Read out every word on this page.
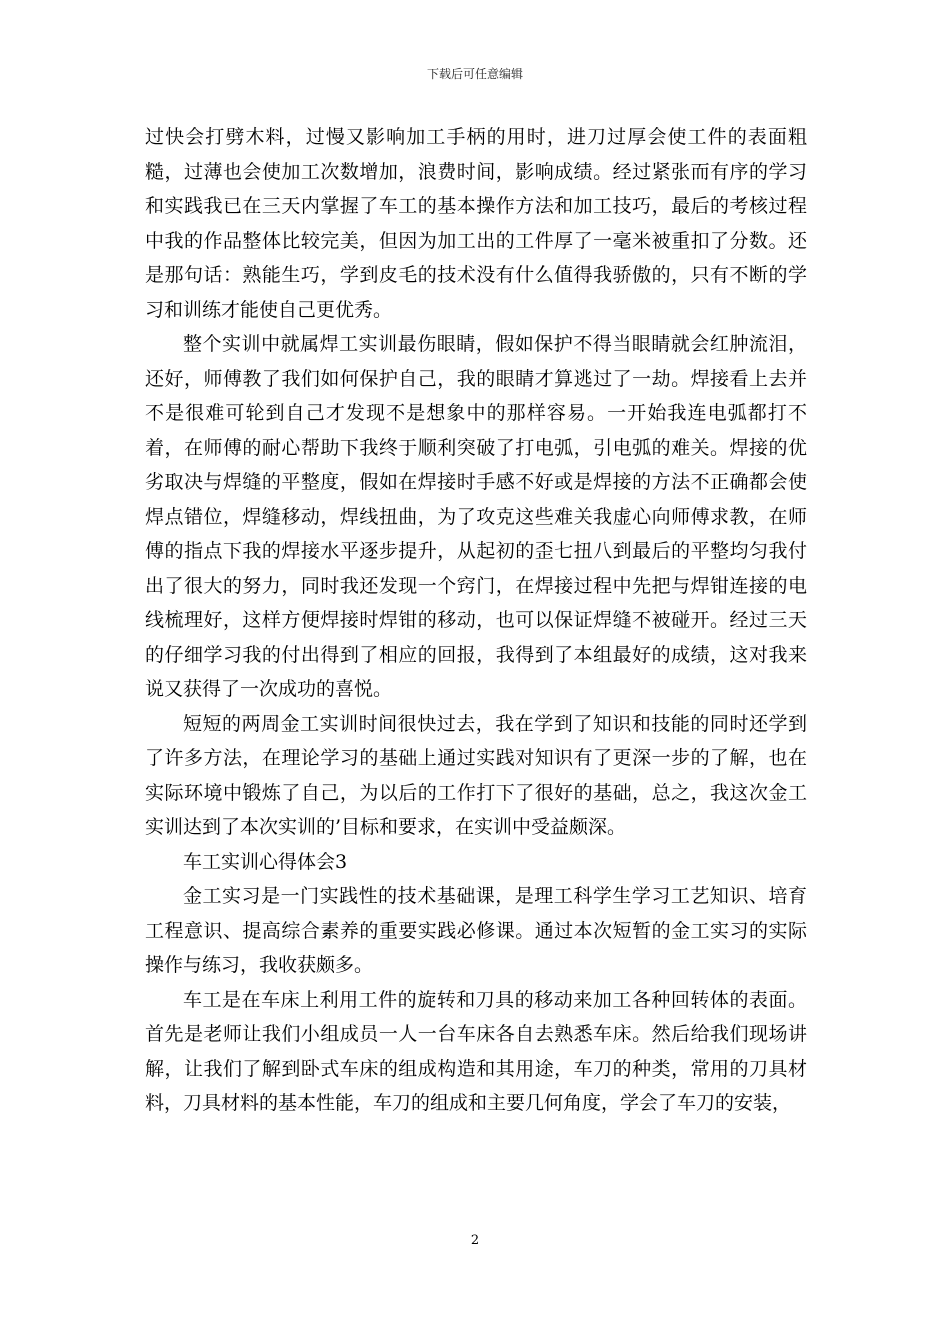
下载后可任意编辑

过快会打劈木料，过慢又影响加工手柄的用时，进刀过厚会使工件的表面粗糙，过薄也会使加工次数增加，浪费时间，影响成绩。经过紧张而有序的学习和实践我已在三天内掌握了车工的基本操作方法和加工技巧，最后的考核过程中我的作品整体比较完美，但因为加工出的工件厚了一毫米被重扣了分数。还是那句话：熟能生巧，学到皮毛的技术没有什么值得我骄傲的，只有不断的学习和训练才能使自己更优秀。

整个实训中就属焊工实训最伤眼睛，假如保护不得当眼睛就会红肿流泪，还好，师傅教了我们如何保护自己，我的眼睛才算逃过了一劫。焊接看上去并不是很难可轮到自己才发现不是想象中的那样容易。一开始我连电弧都打不着，在师傅的耐心帮助下我终于顺利突破了打电弧，引电弧的难关。焊接的优劣取决与焊缝的平整度，假如在焊接时手感不好或是焊接的方法不正确都会使焊点错位，焊缝移动，焊线扭曲，为了攻克这些难关我虚心向师傅求教，在师傅的指点下我的焊接水平逐步提升，从起初的歪七扭八到最后的平整均匀我付出了很大的努力，同时我还发现一个窍门，在焊接过程中先把与焊钳连接的电线梳理好，这样方便焊接时焊钳的移动，也可以保证焊缝不被碰开。经过三天的仔细学习我的付出得到了相应的回报，我得到了本组最好的成绩，这对我来说又获得了一次成功的喜悦。

短短的两周金工实训时间很快过去，我在学到了知识和技能的同时还学到了许多方法，在理论学习的基础上通过实践对知识有了更深一步的了解，也在实际环境中锻炼了自己，为以后的工作打下了很好的基础，总之，我这次金工实训达到了本次实训的’目标和要求，在实训中受益颇深。

车工实训心得体会3

金工实习是一门实践性的技术基础课，是理工科学生学习工艺知识、培育工程意识、提高综合素养的重要实践必修课。通过本次短暂的金工实习的实际操作与练习，我收获颇多。

车工是在车床上利用工件的旋转和刀具的移动来加工各种回转体的表面。首先是老师让我们小组成员一人一台车床各自去熟悉车床。然后给我们现场讲解，让我们了解到卧式车床的组成构造和其用途，车刀的种类，常用的刀具材料，刀具材料的基本性能，车刀的组成和主要几何角度，学会了车刀的安装，

2
